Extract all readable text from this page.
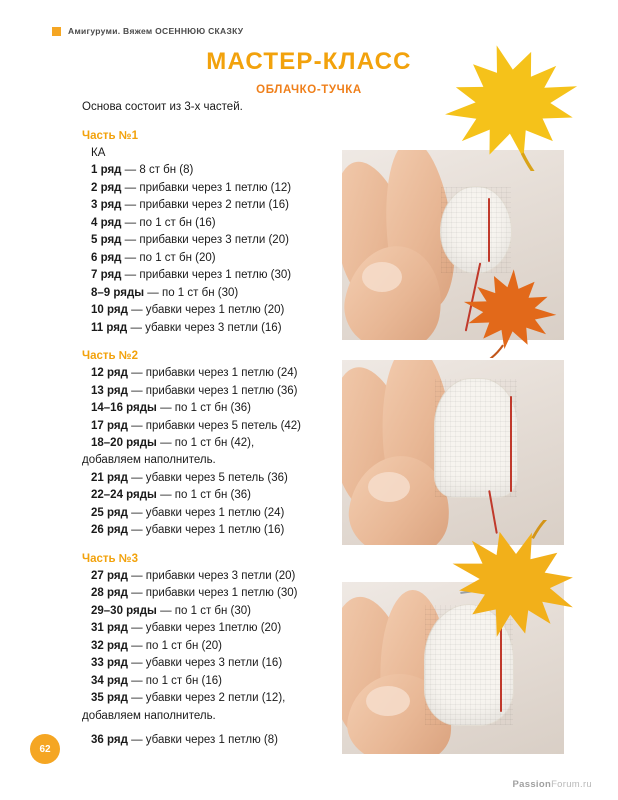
Амигуруми. Вяжем ОСЕННЮЮ СКАЗКУ
МАСТЕР-КЛАСС
ОБЛАЧКО-ТУЧКА
Основа состоит из 3-х частей.
Часть №1
КА
1 ряд — 8 ст бн (8)
2 ряд — прибавки через 1 петлю (12)
3 ряд — прибавки через 2 петли (16)
4 ряд — по 1 ст бн (16)
5 ряд — прибавки через 3 петли (20)
6 ряд — по 1 ст бн (20)
7 ряд — прибавки через 1 петлю (30)
8–9 ряды — по 1 ст бн (30)
10 ряд — убавки через 1 петлю (20)
11 ряд — убавки через 3 петли (16)
Часть №2
12 ряд — прибавки через 1 петлю (24)
13 ряд — прибавки через 1 петлю (36)
14–16 ряды — по 1 ст бн (36)
17 ряд — прибавки через 5 петель (42)
18–20 ряды — по 1 ст бн (42),
добавляем наполнитель.
21 ряд — убавки через 5 петель (36)
22–24 ряды — по 1 ст бн (36)
25 ряд — убавки через 1 петлю (24)
26 ряд — убавки через 1 петлю (16)
Часть №3
27 ряд — прибавки через 3 петли (20)
28 ряд — прибавки через 1 петлю (30)
29–30 ряды — по 1 ст бн (30)
31 ряд — убавки через 1петлю (20)
32 ряд — по 1 ст бн (20)
33 ряд — убавки через 3 петли (16)
34 ряд — по 1 ст бн (16)
35 ряд — убавки через 2 петли (12),
добавляем наполнитель.
36 ряд — убавки через 1 петлю (8)
62
PassionForum.ru
